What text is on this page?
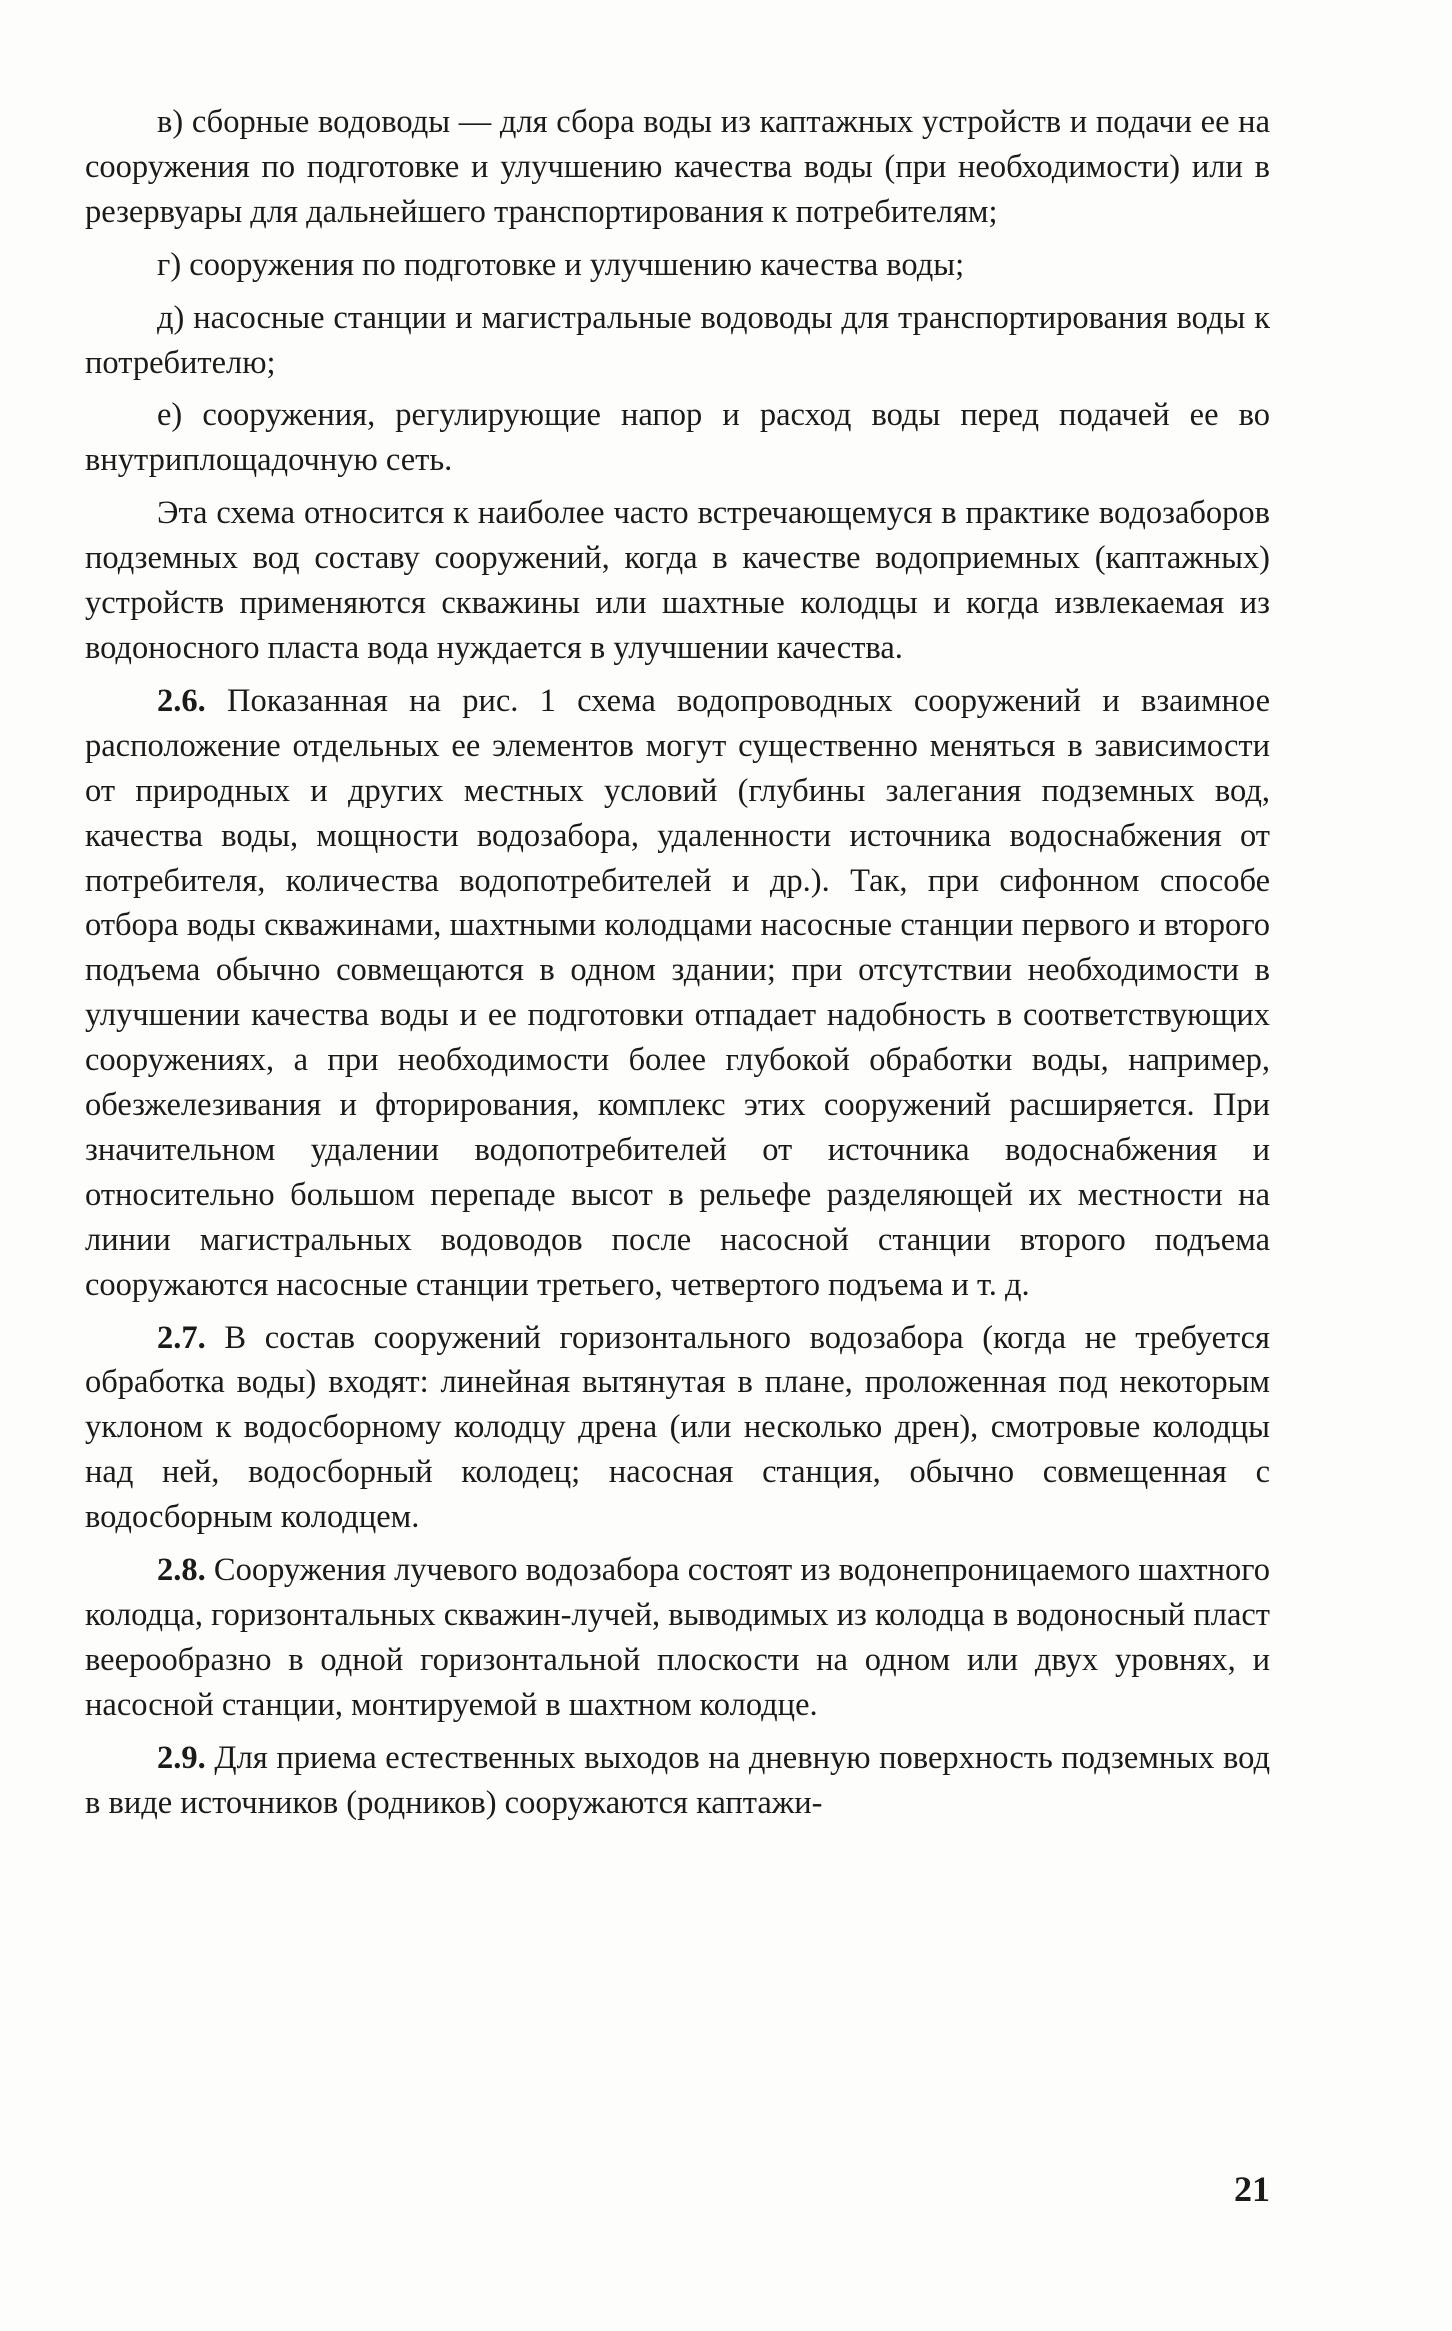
в) сборные водоводы — для сбора воды из каптажных устройств и подачи ее на сооружения по подготовке и улучшению качества воды (при необходимости) или в резервуары для дальнейшего транспортирования к потребителям;

г) сооружения по подготовке и улучшению качества воды;

д) насосные станции и магистральные водоводы для транспортирования воды к потребителю;

е) сооружения, регулирующие напор и расход воды перед подачей ее во внутриплощадочную сеть.

Эта схема относится к наиболее часто встречающемуся в практике водозаборов подземных вод составу сооружений, когда в качестве водоприемных (каптажных) устройств применяются скважины или шахтные колодцы и когда извлекаемая из водоносного пласта вода нуждается в улучшении качества.

2.6. Показанная на рис. 1 схема водопроводных сооружений и взаимное расположение отдельных ее элементов могут существенно меняться в зависимости от природных и других местных условий (глубины залегания подземных вод, качества воды, мощности водозабора, удаленности источника водоснабжения от потребителя, количества водопотребителей и др.). Так, при сифонном способе отбора воды скважинами, шахтными колодцами насосные станции первого и второго подъема обычно совмещаются в одном здании; при отсутствии необходимости в улучшении качества воды и ее подготовки отпадает надобность в соответствующих сооружениях, а при необходимости более глубокой обработки воды, например, обезжелезивания и фторирования, комплекс этих сооружений расширяется. При значительном удалении водопотребителей от источника водоснабжения и относительно большом перепаде высот в рельефе разделяющей их местности на линии магистральных водоводов после насосной станции второго подъема сооружаются насосные станции третьего, четвертого подъема и т. д.

2.7. В состав сооружений горизонтального водозабора (когда не требуется обработка воды) входят: линейная вытянутая в плане, проложенная под некоторым уклоном к водосборному колодцу дрена (или несколько дрен), смотровые колодцы над ней, водосборный колодец; насосная станция, обычно совмещенная с водосборным колодцем.

2.8. Сооружения лучевого водозабора состоят из водонепроницаемого шахтного колодца, горизонтальных скважин-лучей, выводимых из колодца в водоносный пласт веерообразно в одной горизонтальной плоскости на одном или двух уровнях, и насосной станции, монтируемой в шахтном колодце.

2.9. Для приема естественных выходов на дневную поверхность подземных вод в виде источников (родников) сооружаются каптажи-

21
